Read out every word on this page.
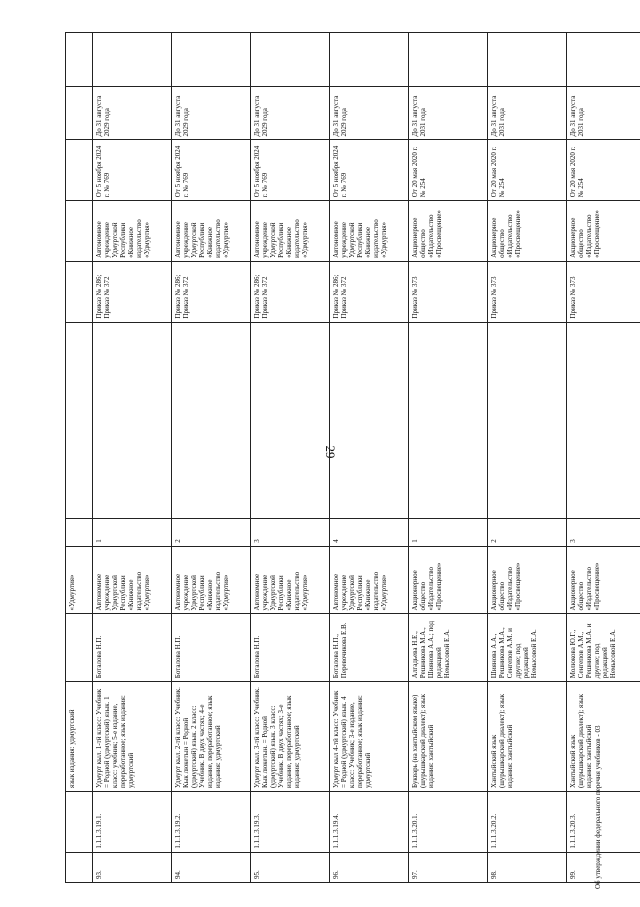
29
		язык издания: удмуртский		«Удмуртия»							
93.	1.1.1.3.19.1.	Удмурт кыл. 1-тӥ класс: Учебник = Родной (удмуртский) язык. 1 класс: учебник; 5-е издание, переработанное; язык издания: удмуртский	Боталова Н.П.	Автономное учреждение Удмуртской Республики «Книжное издательство «Удмуртия»	1		Приказ № 286; Приказ № 372	Автономное учреждение Удмуртской Республики «Книжное издательство «Удмуртия»	От 5 ноября 2024 г. № 769	До 31 августа 2029 года	
94.	1.1.1.3.19.2.	Удмурт кыл. 2-тӥ класс: Учебник. Кык люкетын = Родной (удмуртский) язык. 2 класс: Учебник. В двух частях; 4-е издание, переработанное; язык издания: удмуртский	Боталова Н.П.	Автономное учреждение Удмуртской Республики «Книжное издательство «Удмуртия»	2		Приказ № 286; Приказ № 372	Автономное учреждение Удмуртской Республики «Книжное издательство «Удмуртия»	От 5 ноября 2024 г. № 769	До 31 августа 2029 года	
95.	1.1.1.3.19.3.	Удмурт кыл. 3-тӥ класс: Учебник. Кык люкетын. = Родной (удмуртский) язык. 3 класс: Учебник. В двух частях; 3-е издание, переработанное; язык издания: удмуртский	Боталова Н.П.	Автономное учреждение Удмуртской Республики «Книжное издательство «Удмуртия»	3		Приказ № 286; Приказ № 372	Автономное учреждение Удмуртской Республики «Книжное издательство «Удмуртия»	От 5 ноября 2024 г. № 769	До 31 августа 2029 года	
96.	1.1.1.3.19.4.	Удмурт кыл 4-тӥ класс: Учебник = Родной (удмуртский) язык. 4 класс: Учебник; 3-е издание, переработанное; язык издания: удмуртский	Боталова Н.П., Перевочикова Е.В.	Автономное учреждение Удмуртской Республики «Книжное издательство «Удмуртия»	4		Приказ № 286; Приказ № 372	Автономное учреждение Удмуртской Республики «Книжное издательство «Удмуртия»	От 5 ноября 2024 г. № 769	До 31 августа 2029 года	
97.	1.1.1.3.20.1.	Букварь (на хантыйском языке) (шурышкарский диалект); язык издания: хантыйский	Алгадьева Н.Е., Решникова М.А., Шиянова А.А.; под редакцией Немысовой Е.А.	Акционерное общество «Издательство «Просвещение»	1		Приказ № 373	Акционерное общество «Издательство «Просвещение»	От 20 мая 2020 г. № 254	До 31 августа 2031 года	
98.	1.1.1.3.20.2.	Хантыйский язык (шурышкарский диалект); язык издания: хантыйский	Шиянова А.А., Решникова М.А., Сенгепов А.М. и другие; под редакцией Немысовой Е.А.	Акционерное общество «Издательство «Просвещение»	2		Приказ № 373	Акционерное общество «Издательство «Просвещение»	От 20 мая 2020 г. № 254	До 31 августа 2031 года	
99.	1.1.1.3.20.3.	Хантыйский язык (шурышкарский диалект); язык издания: хантыйский	Молюкова Ю.Г., Сенгепов А.М., Решникова М.А. и другие; под редакцией Немысовой Е.А.	Акционерное общество «Издательство «Просвещение»	3		Приказ № 373	Акционерное общество «Издательство «Просвещение»	От 20 мая 2020 г. № 254	До 31 августа 2031 года	
Об утверждении федерального перечня учебников - 03
